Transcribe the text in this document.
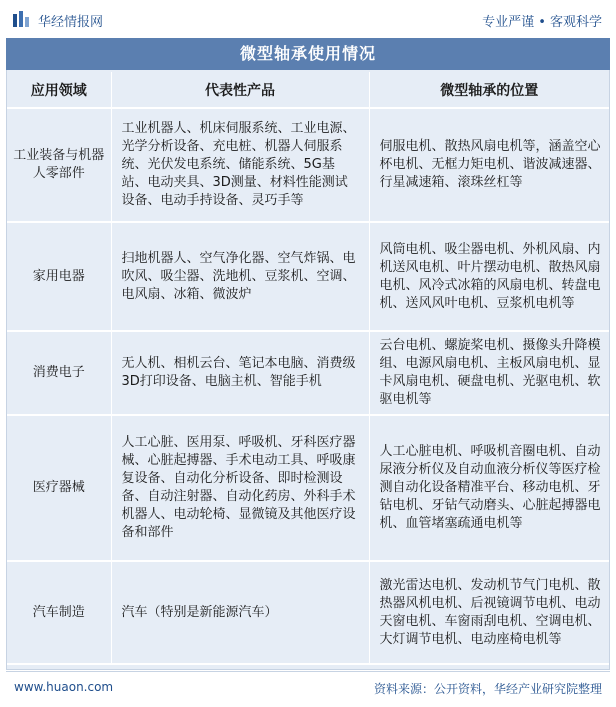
华经情报网	专业严谨 • 客观科学
微型轴承使用情况
应用领域	代表性产品	微型轴承的位置
工业装备与机器人零部件	工业机器人、机床伺服系统、工业电源、光学分析设备、充电桩、机器人伺服系统、光伏发电系统、储能系统、5G基站、电动夹具、3D测量、材料性能测试设备、电动手持设备、灵巧手等	伺服电机、散热风扇电机等，涵盖空心杯电机、无框力矩电机、谐波减速器、行星减速箱、滚珠丝杠等
家用电器	扫地机器人、空气净化器、空气炸锅、电吹风、吸尘器、洗地机、豆浆机、空调、电风扇、冰箱、微波炉	风筒电机、吸尘器电机、外机风扇、内机送风电机、叶片摆动电机、散热风扇电机、风冷式冰箱的风扇电机、转盘电机、送风风叶电机、豆浆机电机等
消费电子	无人机、相机云台、笔记本电脑、消费级3D打印设备、电脑主机、智能手机	云台电机、螺旋桨电机、摄像头升降模组、电源风扇电机、主板风扇电机、显卡风扇电机、硬盘电机、光驱电机、软驱电机等
医疗器械	人工心脏、医用泵、呼吸机、牙科医疗器械、心脏起搏器、手术电动工具、呼吸康复设备、自动化分析设备、即时检测设备、自动注射器、自动化药房、外科手术机器人、电动轮椅、显微镜及其他医疗设备和部件	人工心脏电机、呼吸机音圈电机、自动尿液分析仪及自动血液分析仪等医疗检测自动化设备精准平台、移动电机、牙钻电机、牙钻气动磨头、心脏起搏器电机、血管堵塞疏通电机等
汽车制造	汽车（特别是新能源汽车）	激光雷达电机、发动机节气门电机、散热器风机电机、后视镜调节电机、电动天窗电机、车窗雨刮电机、空调电机、大灯调节电机、电动座椅电机等
www.huaon.com	资料来源：公开资料，华经产业研究院整理
